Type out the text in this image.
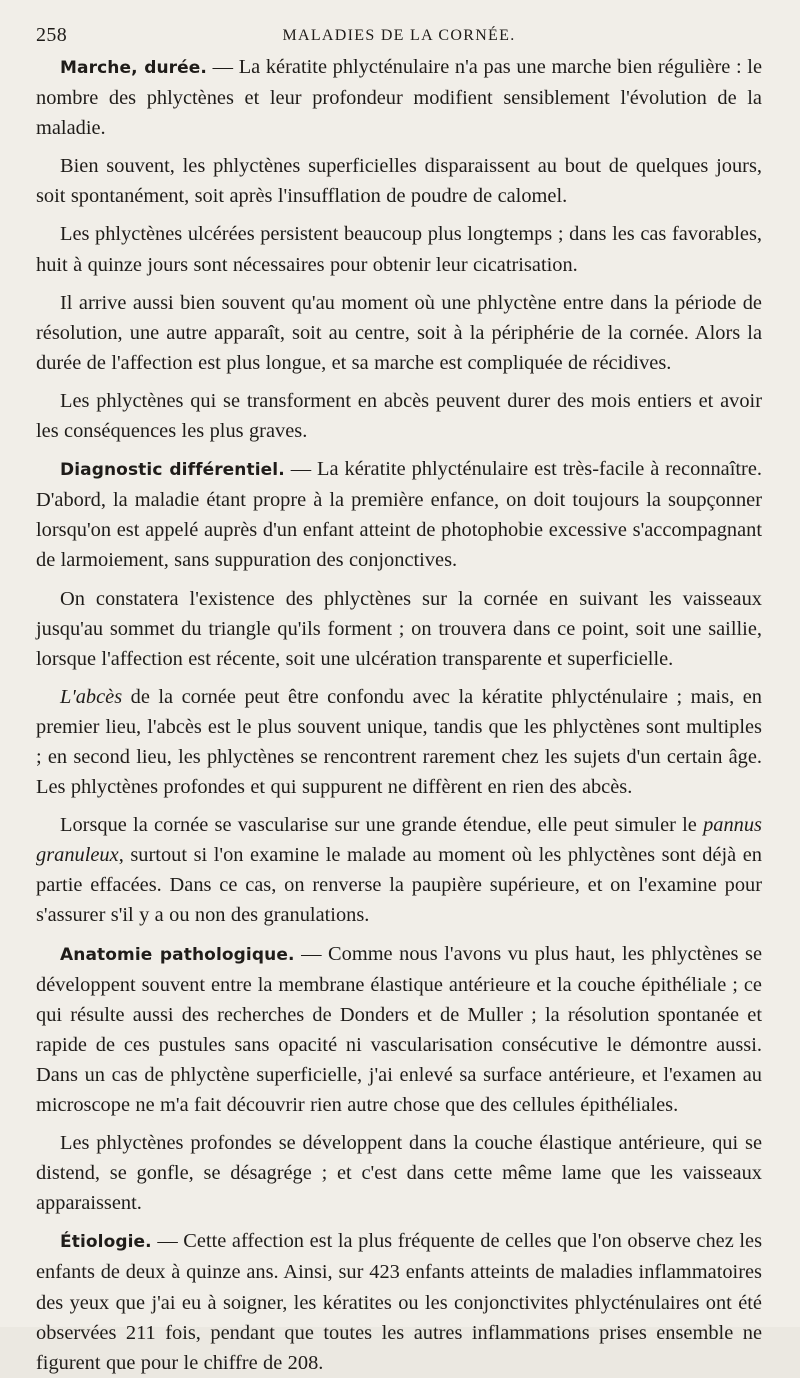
258	MALADIES DE LA CORNÉE.

Marche, durée. — La kératite phlycténulaire n'a pas une marche bien régulière : le nombre des phlyctènes et leur profondeur modifient sensiblement l'évolution de la maladie.

Bien souvent, les phlyctènes superficielles disparaissent au bout de quelques jours, soit spontanément, soit après l'insufflation de poudre de calomel.

Les phlyctènes ulcérées persistent beaucoup plus longtemps ; dans les cas favorables, huit à quinze jours sont nécessaires pour obtenir leur cicatrisation.

Il arrive aussi bien souvent qu'au moment où une phlyctène entre dans la période de résolution, une autre apparaît, soit au centre, soit à la périphérie de la cornée. Alors la durée de l'affection est plus longue, et sa marche est compliquée de récidives.

Les phlyctènes qui se transforment en abcès peuvent durer des mois entiers et avoir les conséquences les plus graves.

Diagnostic différentiel. — La kératite phlycténulaire est très-facile à reconnaître. D'abord, la maladie étant propre à la première enfance, on doit toujours la soupçonner lorsqu'on est appelé auprès d'un enfant atteint de photophobie excessive s'accompagnant de larmoiement, sans suppuration des conjonctives.

On constatera l'existence des phlyctènes sur la cornée en suivant les vaisseaux jusqu'au sommet du triangle qu'ils forment ; on trouvera dans ce point, soit une saillie, lorsque l'affection est récente, soit une ulcération transparente et superficielle.

L'abcès de la cornée peut être confondu avec la kératite phlycténulaire ; mais, en premier lieu, l'abcès est le plus souvent unique, tandis que les phlyctènes sont multiples ; en second lieu, les phlyctènes se rencontrent rarement chez les sujets d'un certain âge. Les phlyctènes profondes et qui suppurent ne diffèrent en rien des abcès.

Lorsque la cornée se vascularise sur une grande étendue, elle peut simuler le pannus granuleux, surtout si l'on examine le malade au moment où les phlyctènes sont déjà en partie effacées. Dans ce cas, on renverse la paupière supérieure, et on l'examine pour s'assurer s'il y a ou non des granulations.

Anatomie pathologique. — Comme nous l'avons vu plus haut, les phlyctènes se développent souvent entre la membrane élastique antérieure et la couche épithéliale ; ce qui résulte aussi des recherches de Donders et de Muller ; la résolution spontanée et rapide de ces pustules sans opacité ni vascularisation consécutive le démontre aussi. Dans un cas de phlyctène superficielle, j'ai enlevé sa surface antérieure, et l'examen au microscope ne m'a fait découvrir rien autre chose que des cellules épithéliales.

Les phlyctènes profondes se développent dans la couche élastique antérieure, qui se distend, se gonfle, se désagrége ; et c'est dans cette même lame que les vaisseaux apparaissent.

Étiologie. — Cette affection est la plus fréquente de celles que l'on observe chez les enfants de deux à quinze ans. Ainsi, sur 423 enfants atteints de maladies inflammatoires des yeux que j'ai eu à soigner, les kératites ou les conjonctivites phlycténulaires ont été observées 211 fois, pendant que toutes les autres inflammations prises ensemble ne figurent que pour le chiffre de 208.
